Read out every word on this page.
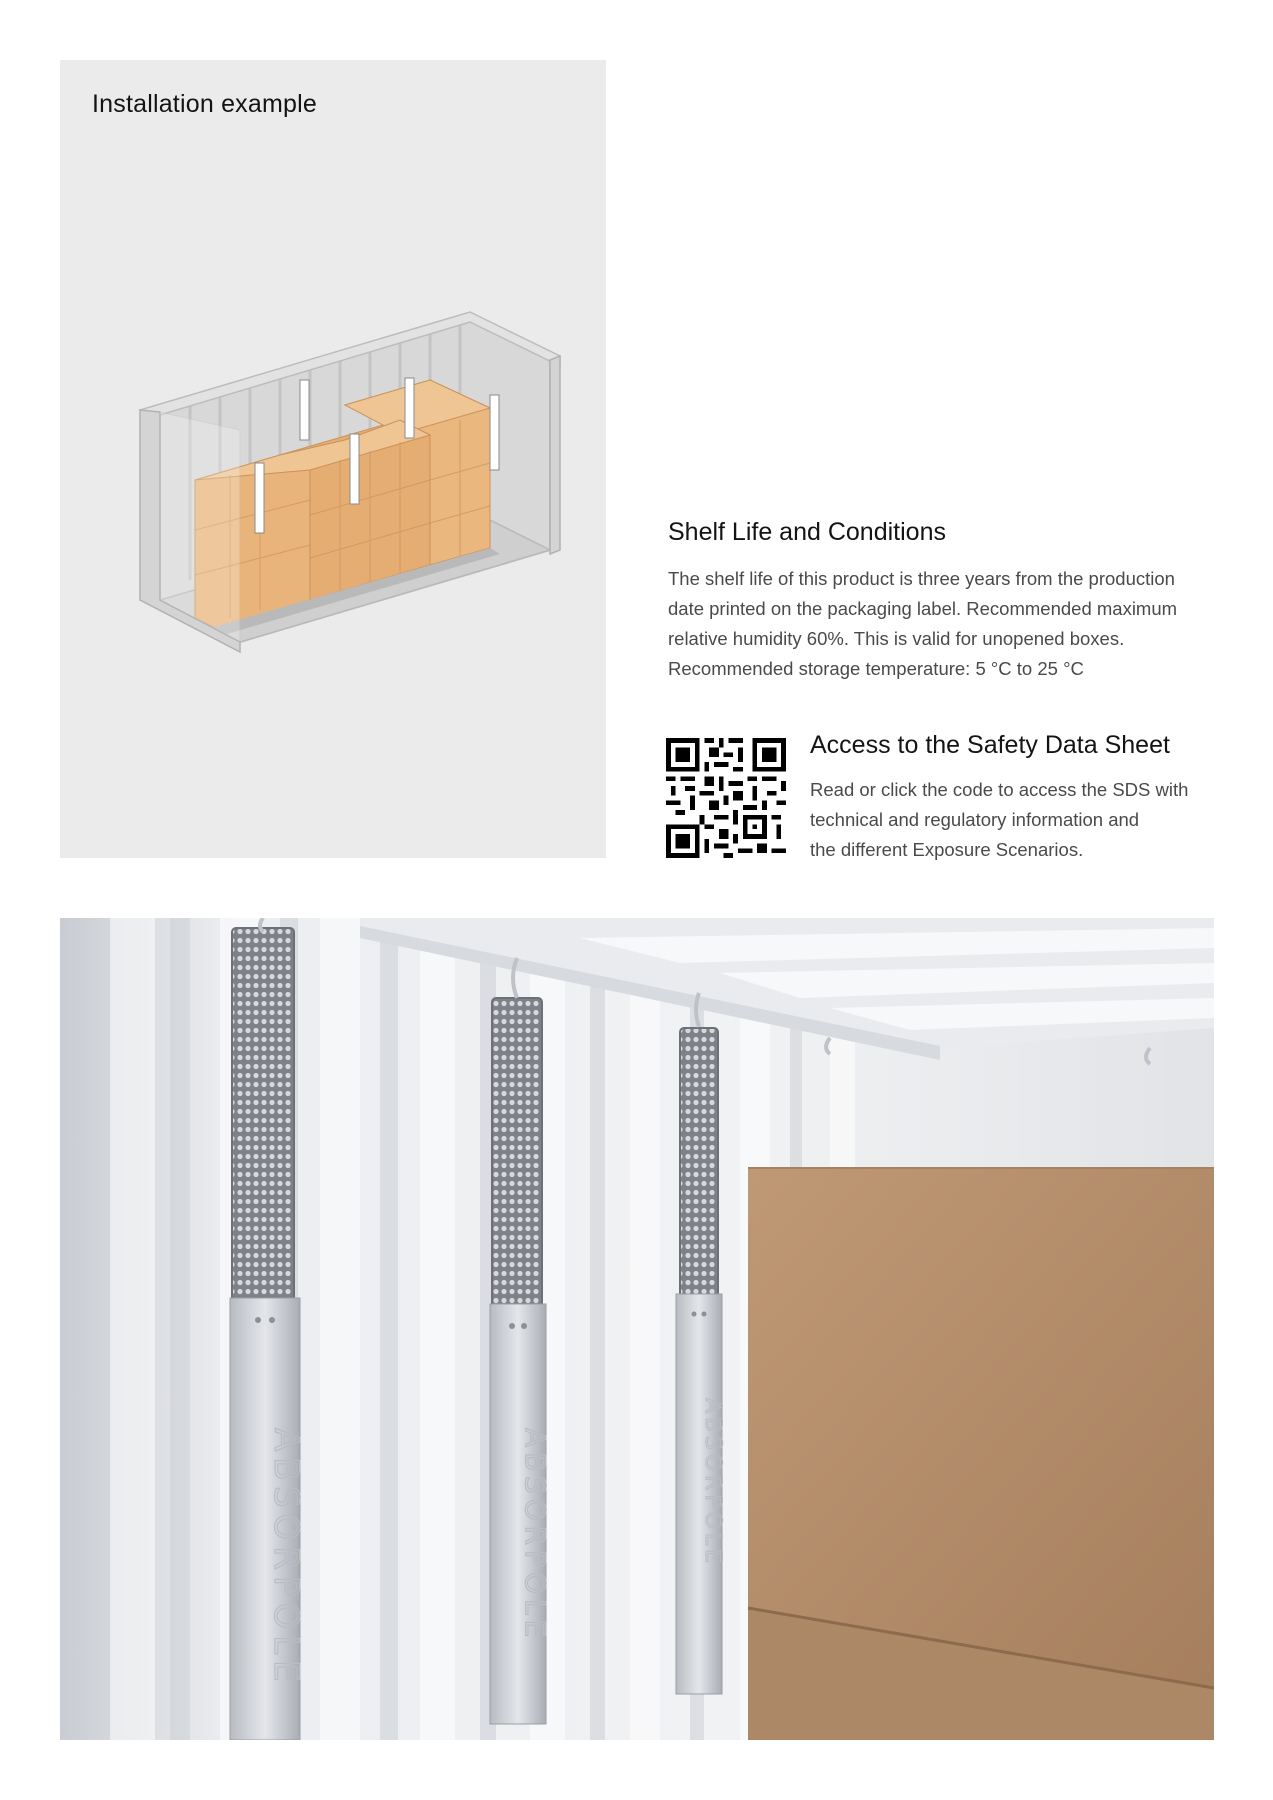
Installation example
Shelf Life and Conditions

The shelf life of this product is three years from the production

date printed on the packaging label. Recommended maximum

relative humidity 60%. This is valid for unopened boxes.

Recommended storage temperature: 5 °C to 25 °C

Access to the Safety Data Sheet

Read or click the code to access the SDS with

technical and regulatory information and

the different Exposure Scenarios.

ABSORPOLE	ABSORPOLE	ABSORPOLE
